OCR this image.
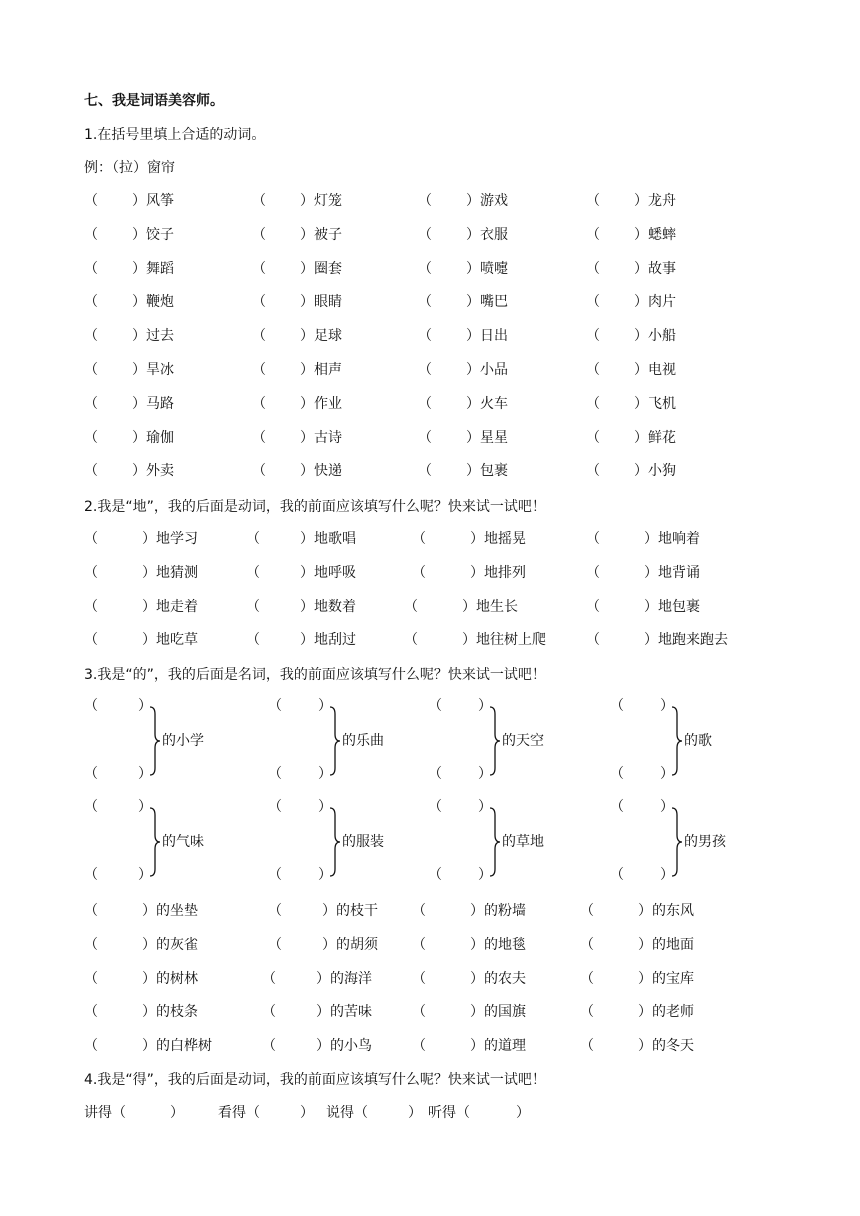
七、我是词语美容师。
1.在括号里填上合适的动词。
例：（拉）窗帘
（ ）风筝	（ ）灯笼	（ ）游戏	（ ）龙舟
（ ）饺子	（ ）被子	（ ）衣服	（ ）蟋蟀
（ ）舞蹈	（ ）圈套	（ ）喷嚏	（ ）故事
（ ）鞭炮	（ ）眼睛	（ ）嘴巴	（ ）肉片
（ ）过去	（ ）足球	（ ）日出	（ ）小船
（ ）旱冰	（ ）相声	（ ）小品	（ ）电视
（ ）马路	（ ）作业	（ ）火车	（ ）飞机
（ ）瑜伽	（ ）古诗	（ ）星星	（ ）鲜花
（ ）外卖	（ ）快递	（ ）包裹	（ ）小狗
2.我是“地”，我的后面是动词，我的前面应该填写什么呢？快来试一试吧！
（	）地学习	（	）地歌唱	（	）地摇晃	（	）地响着
（	）地猜测	（	）地呼吸	（	）地排列	（	）地背诵
（	）地走着	（	）地数着	（	）地生长	（	）地包裹
（	）地吃草	（	）地刮过	（	）地往树上爬	（	）地跑来跑去
3.我是“的”，我的后面是名词，我的前面应该填写什么呢？快来试一试吧！
（	）
（	）
的小学
（	）
（	）
的乐曲
（	）
（	）
的天空
（	）
（	）
的歌
（	）
（	）
的气味
（	）
（	）
的服装
（	）
（	）
的草地
（	）
（	）
的男孩
（	）的坐垫	（	）的枝干 （	）的粉墙	（	）的东风
（	）的灰雀	（	）的胡须 （	）的地毯	（	）的地面
（	）的树林	（	）的海洋	（	）的农夫	（	）的宝库
（	）的枝条	（	）的苦味	（	）的国旗	（	）的老师
（	）的白桦树	（	）的小鸟	（	）的道理	（	）的冬天
4.我是“得”，我的后面是动词，我的前面应该填写什么呢？快来试一试吧！
讲得（	） 看得（	） 说得（	） 听得（	）
